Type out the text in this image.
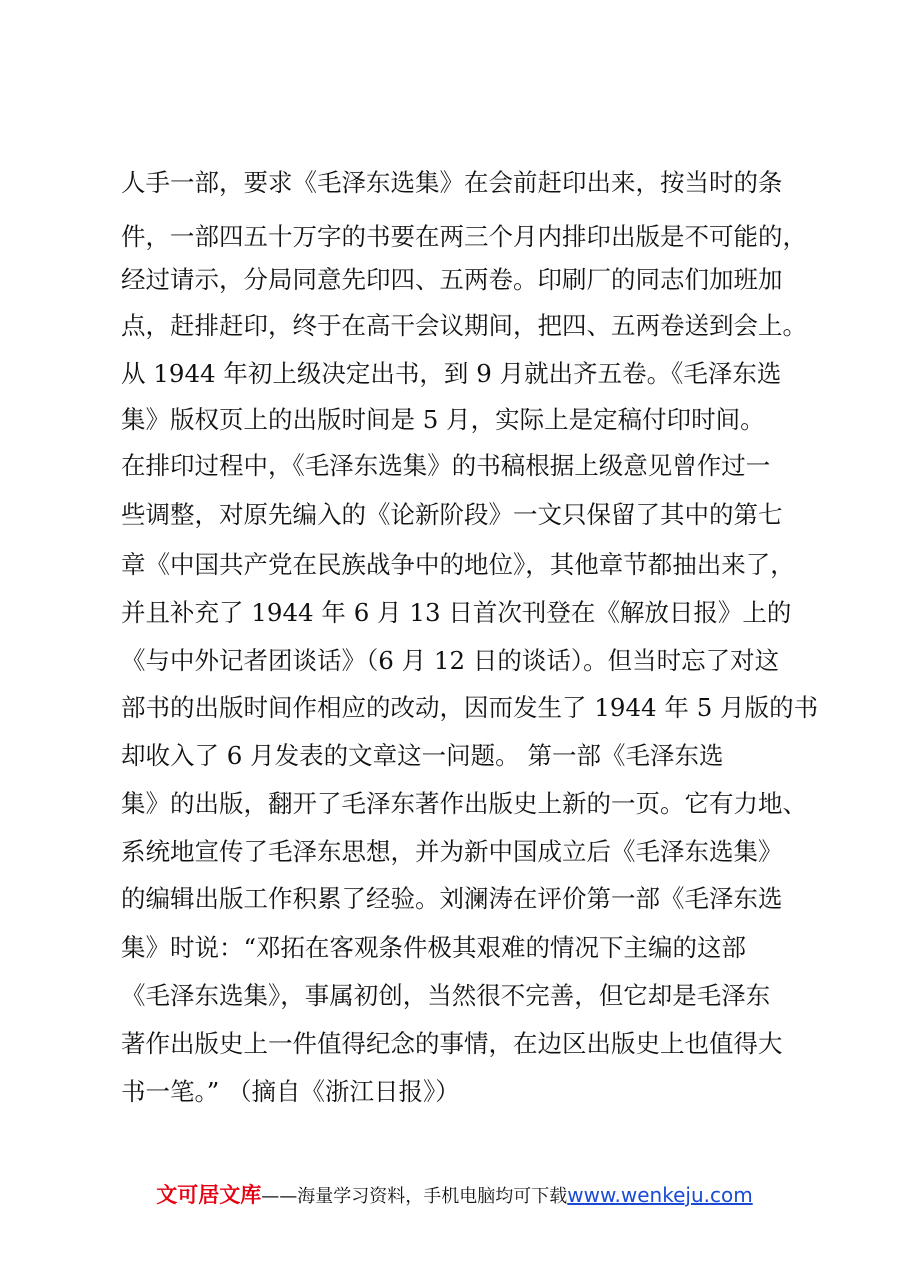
人手一部，要求《毛泽东选集》在会前赶印出来，按当时的条
件，一部四五十万字的书要在两三个月内排印出版是不可能的，
经过请示，分局同意先印四、五两卷。印刷厂的同志们加班加
点，赶排赶印，终于在高干会议期间，把四、五两卷送到会上。
从 1944 年初上级决定出书，到 9 月就出齐五卷。《毛泽东选
集》版权页上的出版时间是 5 月，实际上是定稿付印时间。
在排印过程中，《毛泽东选集》的书稿根据上级意见曾作过一
些调整，对原先编入的《论新阶段》一文只保留了其中的第七
章《中国共产党在民族战争中的地位》，其他章节都抽出来了，
并且补充了 1944 年 6 月 13 日首次刊登在《解放日报》上的
《与中外记者团谈话》（6 月 12 日的谈话）。但当时忘了对这
部书的出版时间作相应的改动，因而发生了 1944 年 5 月版的书
却收入了 6 月发表的文章这一问题。 第一部《毛泽东选
集》的出版，翻开了毛泽东著作出版史上新的一页。它有力地、
系统地宣传了毛泽东思想，并为新中国成立后《毛泽东选集》
的编辑出版工作积累了经验。刘澜涛在评价第一部《毛泽东选
集》时说：“邓拓在客观条件极其艰难的情况下主编的这部
《毛泽东选集》，事属初创，当然很不完善，但它却是毛泽东
著作出版史上一件值得纪念的事情，在边区出版史上也值得大
书一笔。” （摘自《浙江日报》）
文可居文库——海量学习资料，手机电脑均可下载www.wenkeju.com
